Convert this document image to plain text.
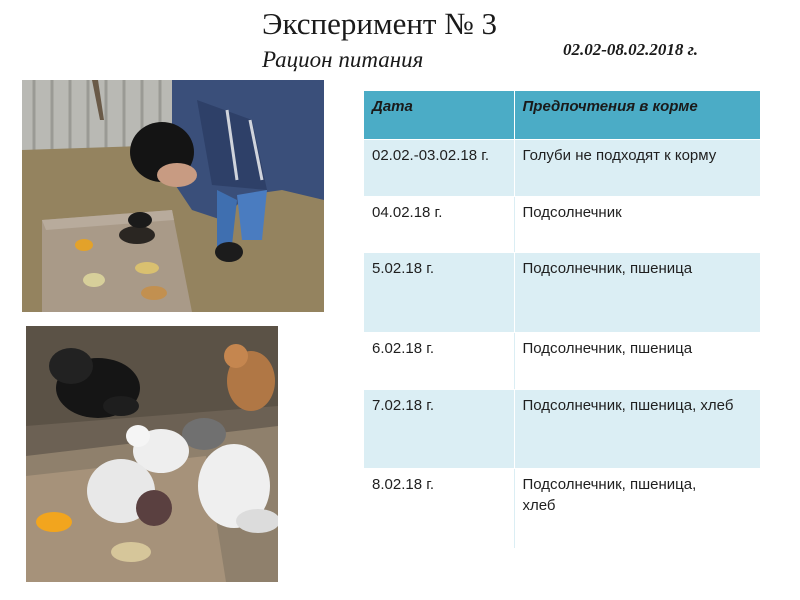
Эксперимент № 3
Рацион питания	02.02-08.02.2018 г.
Дата	Предпочтения в корме
02.02.-03.02.18 г.	Голуби не подходят к корму
04.02.18 г.	Подсолнечник
5.02.18 г.	Подсолнечник, пшеница
6.02.18 г.	Подсолнечник, пшеница
7.02.18 г.	Подсолнечник, пшеница, хлеб
8.02.18 г.	Подсолнечник, пшеница,
хлеб
